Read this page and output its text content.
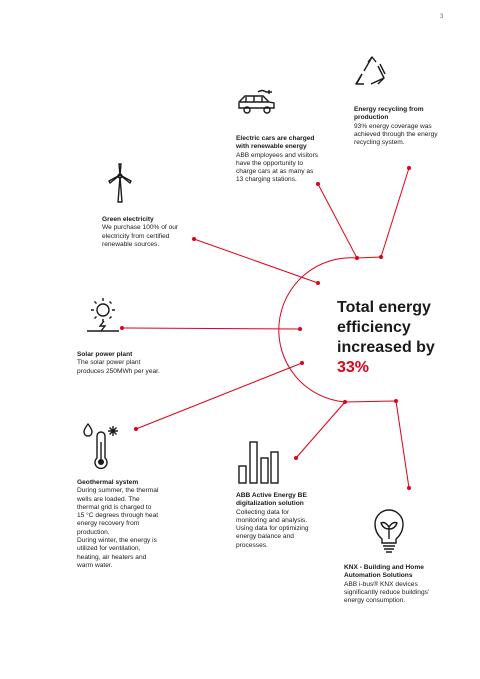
3
Energy recycling from
production
93% energy coverage was
achieved through the energy
recycling system.
Electric cars are charged
with renewable energy
ABB employees and visitors
have the opportunity to
charge cars at as many as
13 charging stations.
Green electricity
We purchase 100% of our
electricity from certified
renewable sources.
Solar power plant
The solar power plant
produces 250MWh per year.
Geothermal system
During summer, the thermal
wells are loaded. The
thermal grid is charged to
15 °C degrees through heat
energy recovery from
production.
During winter, the energy is
utilized for ventilation,
heating, air heaters and
warm water.
ABB Active Energy BE
digitalization solution
Collecting data for
monitoring and analysis.
Using data for optimizing
energy balance and
processes.
KNX - Building and Home
Automation Solutions
ABB i-bus® KNX devices
significantly reduce buildings'
energy consumption.
Total energy
efficiency
increased by
33%
